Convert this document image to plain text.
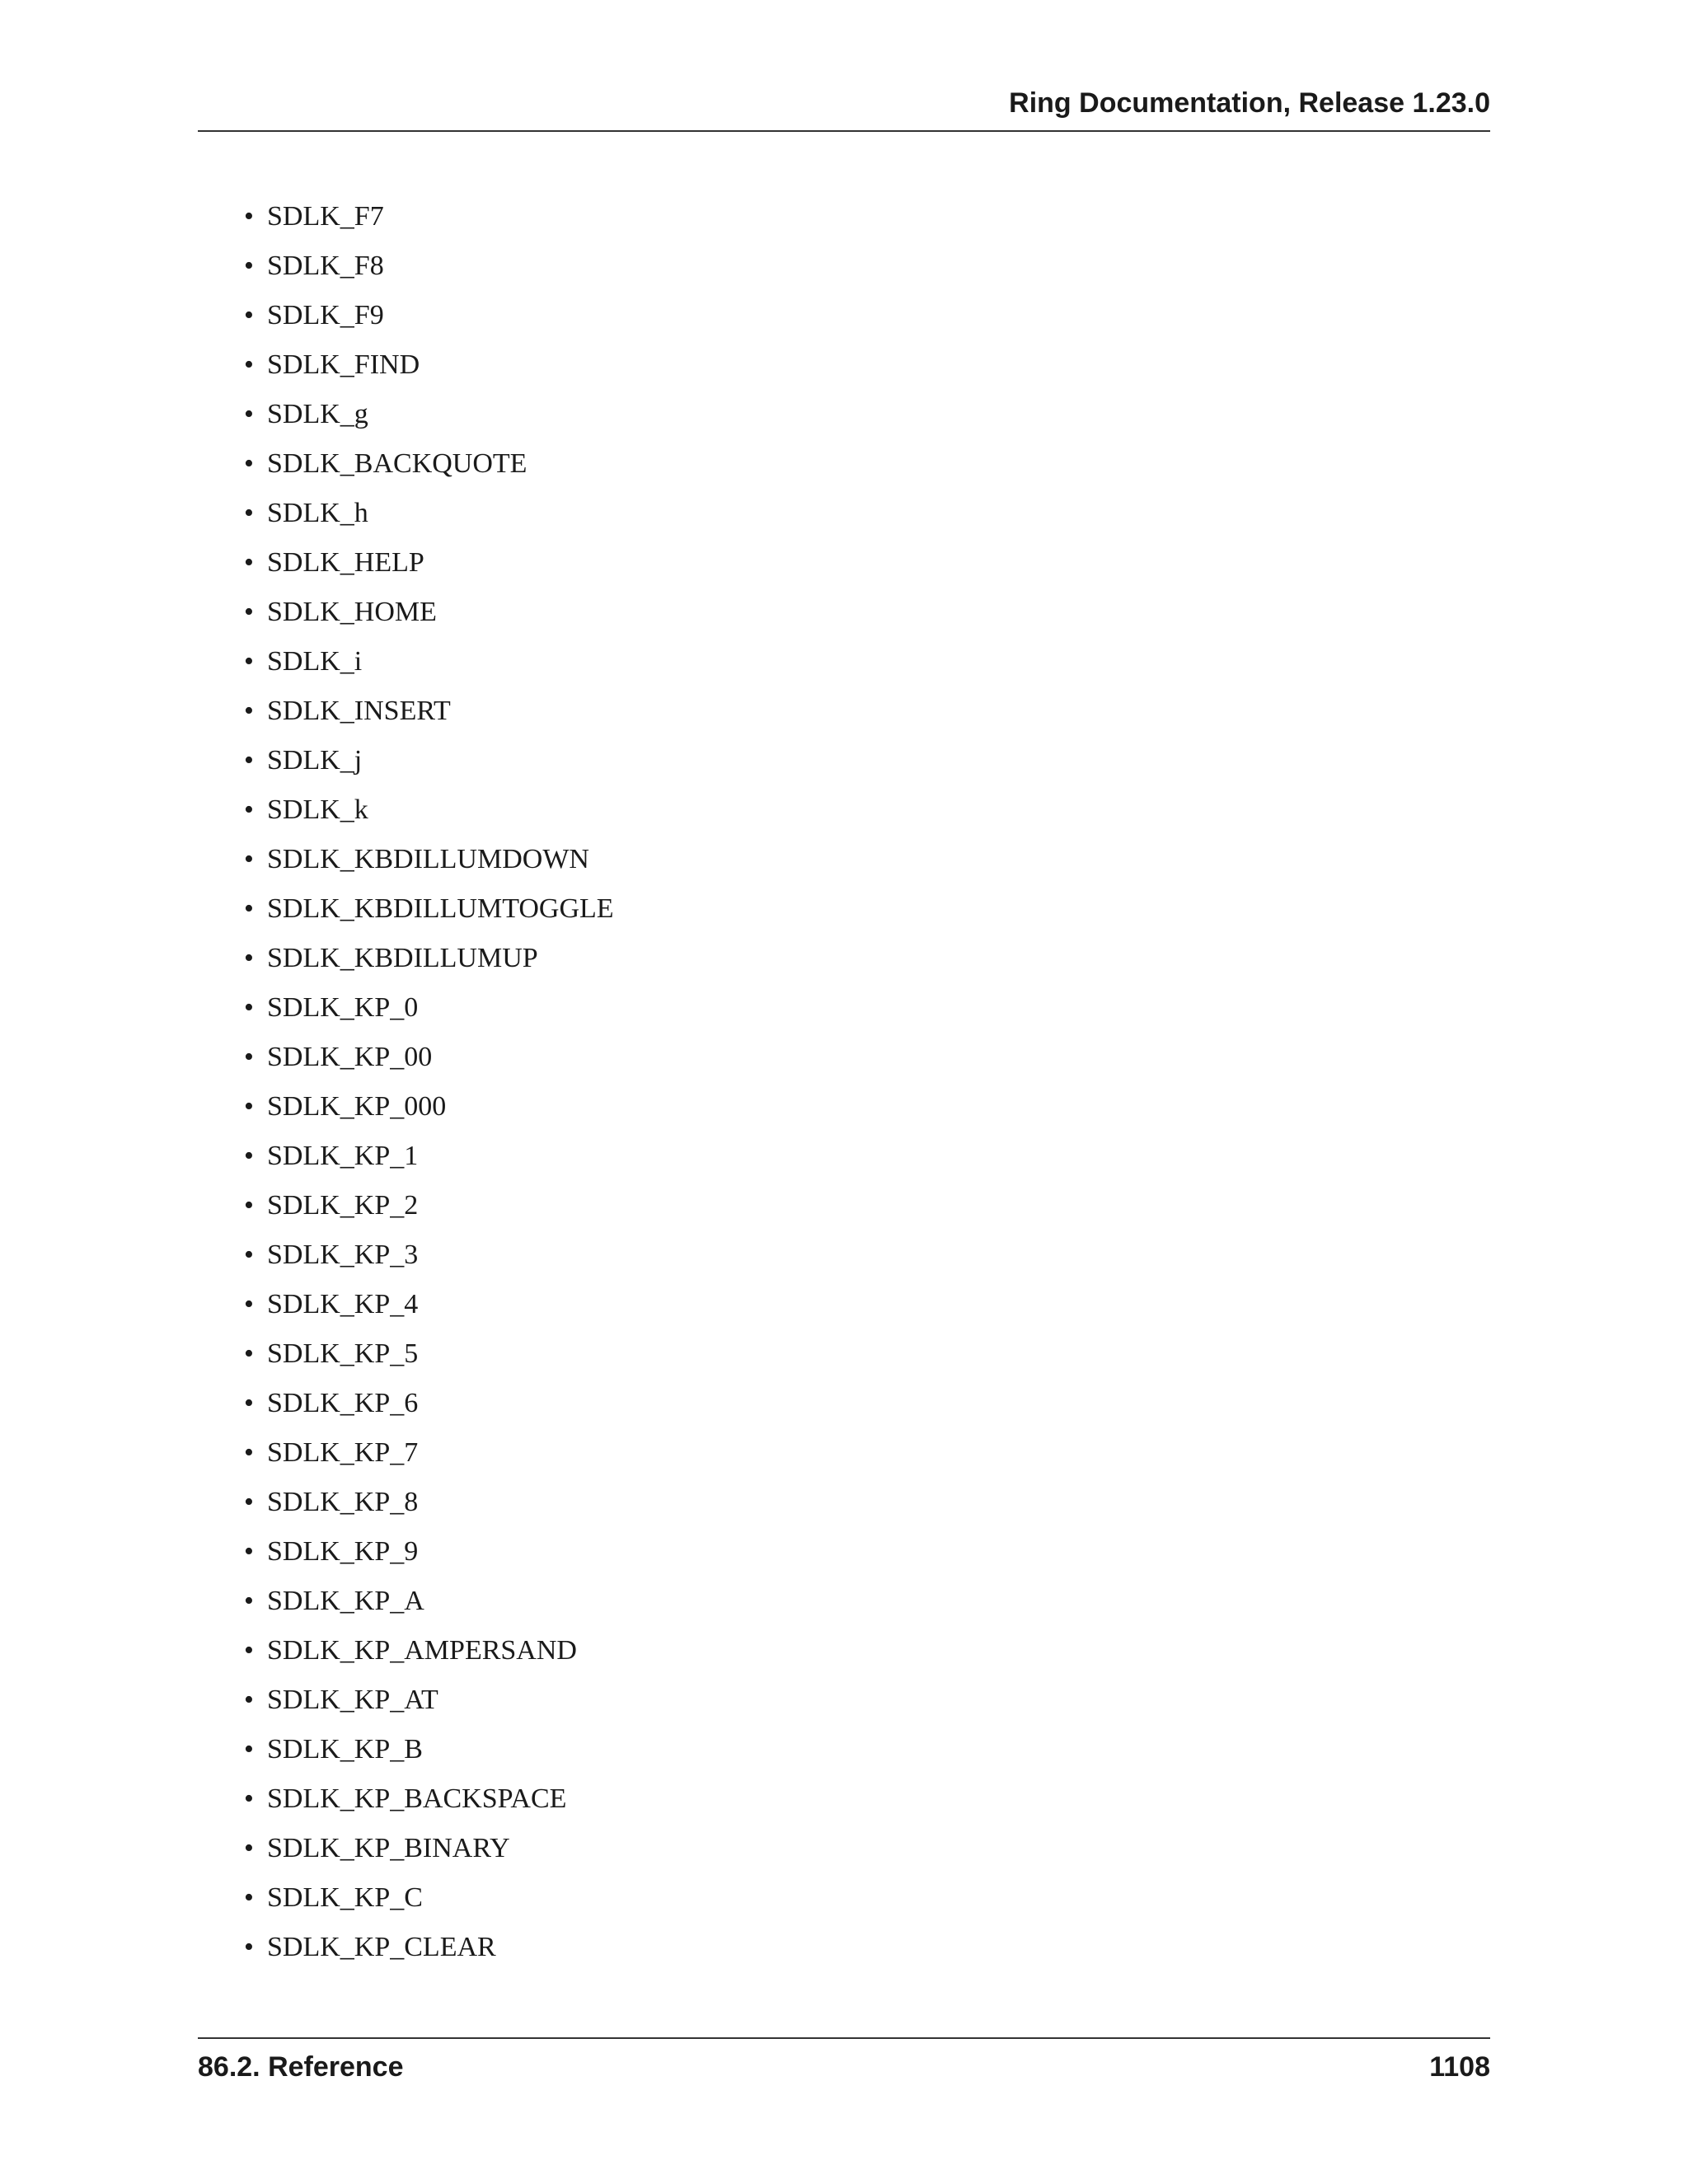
Ring Documentation, Release 1.23.0
• SDLK_F7
• SDLK_F8
• SDLK_F9
• SDLK_FIND
• SDLK_g
• SDLK_BACKQUOTE
• SDLK_h
• SDLK_HELP
• SDLK_HOME
• SDLK_i
• SDLK_INSERT
• SDLK_j
• SDLK_k
• SDLK_KBDILLUMDOWN
• SDLK_KBDILLUMTOGGLE
• SDLK_KBDILLUMUP
• SDLK_KP_0
• SDLK_KP_00
• SDLK_KP_000
• SDLK_KP_1
• SDLK_KP_2
• SDLK_KP_3
• SDLK_KP_4
• SDLK_KP_5
• SDLK_KP_6
• SDLK_KP_7
• SDLK_KP_8
• SDLK_KP_9
• SDLK_KP_A
• SDLK_KP_AMPERSAND
• SDLK_KP_AT
• SDLK_KP_B
• SDLK_KP_BACKSPACE
• SDLK_KP_BINARY
• SDLK_KP_C
• SDLK_KP_CLEAR
86.2. Reference	1108
